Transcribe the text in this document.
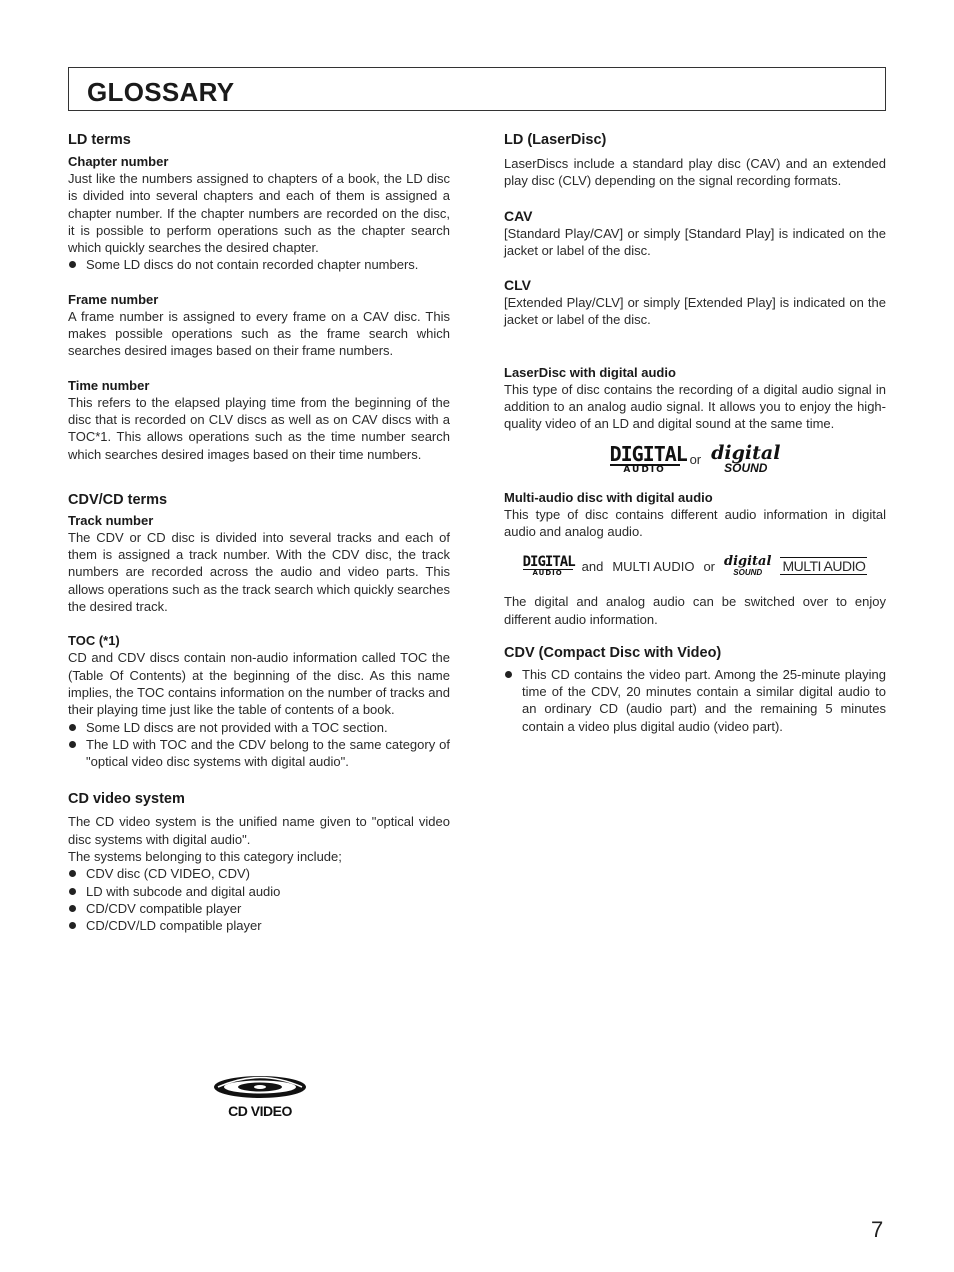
GLOSSARY
LD terms
Chapter number

Just like the numbers assigned to chapters of a book, the LD disc is divided into several chapters and each of them is assigned a chapter number. If the chapter numbers are recorded on the disc, it is possible to perform operations such as the chapter search which quickly searches the desired chapter.

Some LD discs do not contain recorded chapter numbers.
Frame number

A frame number is assigned to every frame on a CAV disc. This makes possible operations such as the frame search which searches desired images based on their frame numbers.

Time number

This refers to the elapsed playing time from the beginning of the disc that is recorded on CLV discs as well as on CAV discs with a TOC*1. This allows operations such as the time number search which searches desired images based on their time numbers.

CDV/CD terms
Track number

The CDV or CD disc is divided into several tracks and each of them is assigned a track number. With the CDV disc, the track numbers are recorded across the audio and video parts. This allows operations such as the track search which quickly searches the desired track.

TOC (*1)

CD and CDV discs contain non-audio information called TOC the (Table Of Contents) at the beginning of the disc. As this name implies, the TOC contains information on the number of tracks and their playing time just like the table of contents of a book.

Some LD discs are not provided with a TOC section.
The LD with TOC and the CDV belong to the same category of "optical video disc systems with digital audio".
CD video system

The CD video system is the unified name given to "optical video disc systems with digital audio".

The systems belonging to this category include;

CDV disc (CD VIDEO, CDV)
LD with subcode and digital audio
CD/CDV compatible player
CD/CDV/LD compatible player
CD VIDEO
LD (LaserDisc)

LaserDiscs include a standard play disc (CAV) and an extended play disc (CLV) depending on the signal recording formats.

CAV

[Standard Play/CAV] or simply [Standard Play] is indicated on the jacket or label of the disc.

CLV

[Extended Play/CLV] or simply [Extended Play] is indicated on the jacket or label of the disc.

LaserDisc with digital audio

This type of disc contains the recording of a digital audio signal in addition to an analog audio signal. It allows you to enjoy the high-quality video of an LD and digital sound at the same time.

DIGITAL
AUDIO
or digital
SOUND
Multi-audio disc with digital audio

This type of disc contains different audio information in digital audio and analog audio.

DIGITAL
AUDIO	and MULTI AUDIO or digital
SOUND	MULTI AUDIO

The digital and analog audio can be switched over to enjoy different audio information.

CDV (Compact Disc with Video)
This CD contains the video part. Among the 25-minute playing time of the CDV, 20 minutes contain a similar digital audio to an ordinary CD (audio part) and the remaining 5 minutes contain a video plus digital audio (video part).
7
